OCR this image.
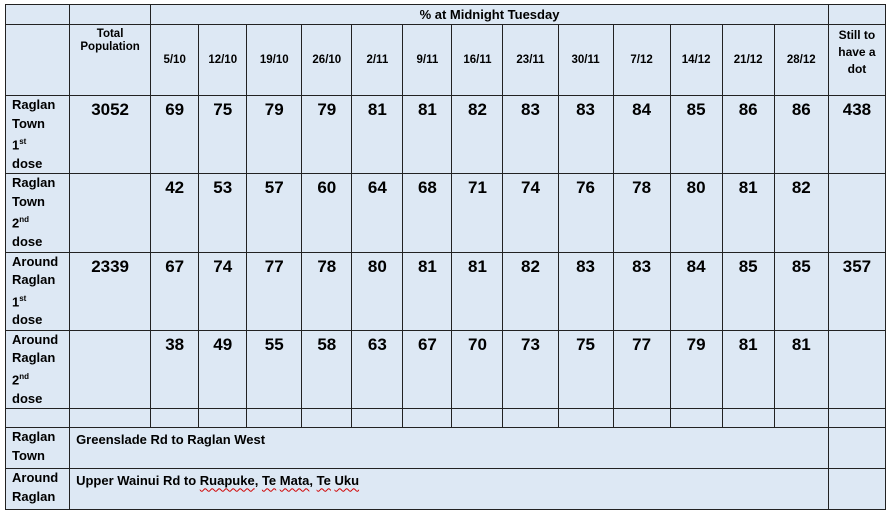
		% at Midnight Tuesday													
	Total Population	5/10	12/10	19/10	26/10	2/11	9/11	16/11	23/11	30/11	7/12	14/12	21/12	28/12	Still to have a dot
Raglan
Town
1st
dose	3052	69	75	79	79	81	81	82	83	83	84	85	86	86	438
Raglan
Town
2nd
dose		42	53	57	60	64	68	71	74	76	78	80	81	82	
Around
Raglan
1st
dose	2339	67	74	77	78	80	81	81	82	83	83	84	85	85	357
Around
Raglan
2nd
dose		38	49	55	58	63	67	70	73	75	77	79	81	81	

Raglan
Town	Greenslade Rd to Raglan West														
Around
Raglan	Upper Wainui Rd to Ruapuke, Te Mata, Te Uku														
